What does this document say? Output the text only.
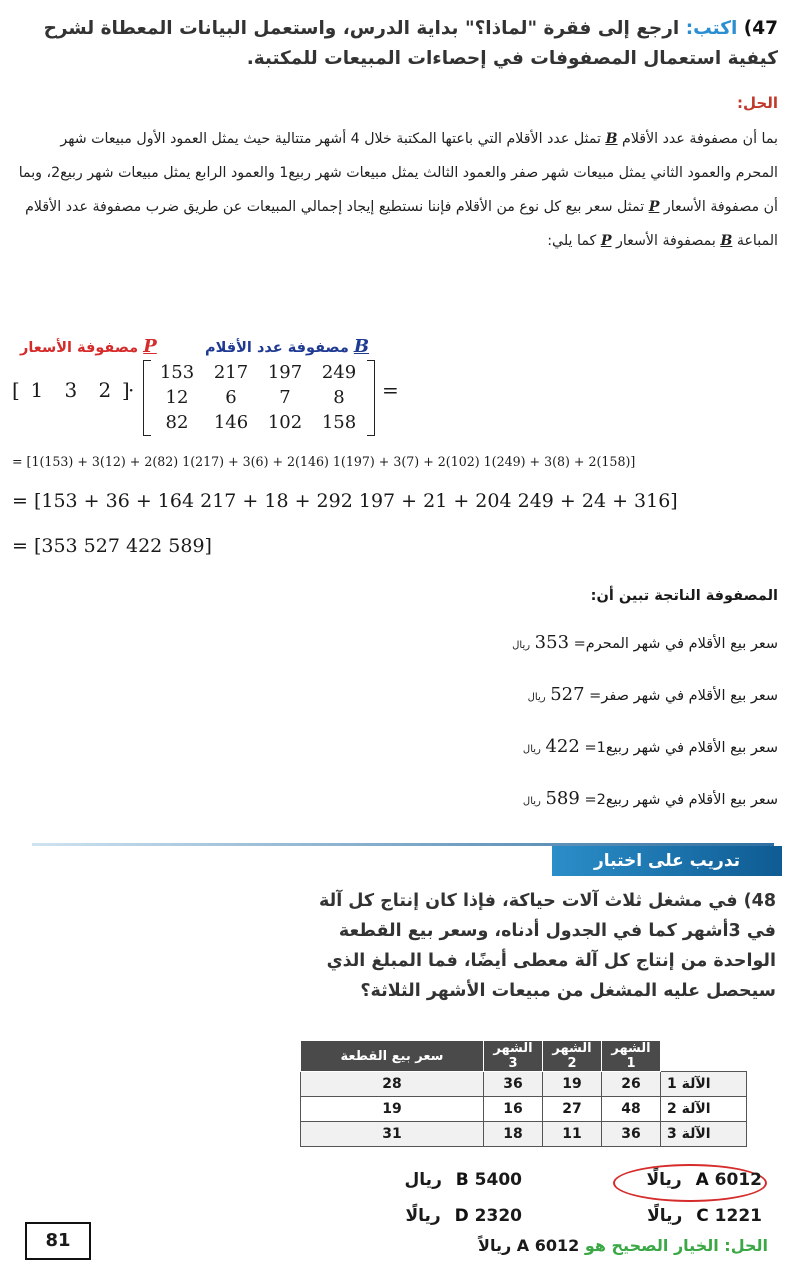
47) اكتب: ارجع إلى فقرة "لماذا؟" بداية الدرس، واستعمل البيانات المعطاة لشرح كيفية استعمال المصفوفات في إحصاءات المبيعات للمكتبة.
الحل:
بما أن مصفوفة عدد الأقلام B تمثل عدد الأقلام التي باعتها المكتبة خلال 4 أشهر متتالية حيث يمثل العمود الأول مبيعات شهر المحرم والعمود الثاني يمثل مبيعات شهر صفر والعمود الثالث يمثل مبيعات شهر ربيع1 والعمود الرابع يمثل مبيعات شهر ربيع2، وبما أن مصفوفة الأسعار P تمثل سعر بيع كل نوع من الأقلام فإننا نستطيع إيجاد إجمالي المبيعات عن طريق ضرب مصفوفة عدد الأقلام المباعة B بمصفوفة الأسعار P كما يلي:
P مصفوفة الأسعار	B مصفوفة عدد الأقلام
[ 1 3 2 ]
·
153	217	197	249
12	6	7	8
82	146	102	158
=
= [1(153) + 3(12) + 2(82) 1(217) + 3(6) + 2(146) 1(197) + 3(7) + 2(102) 1(249) + 3(8) + 2(158)]
= [153 + 36 + 164 217 + 18 + 292 197 + 21 + 204 249 + 24 + 316]
= [353 527 422 589]
المصفوفة الناتجة تبين أن:
سعر بيع الأقلام في شهر المحرم= 353 ريال
سعر بيع الأقلام في شهر صفر= 527 ريال
سعر بيع الأقلام في شهر ربيع1= 422 ريال
سعر بيع الأقلام في شهر ربيع2= 589 ريال
تدريب على اختبار
48) في مشغل ثلاث آلات حياكة، فإذا كان إنتاج كل آلة في 3أشهر كما في الجدول أدناه، وسعر بيع القطعة الواحدة من إنتاج كل آلة معطى أيضًا، فما المبلغ الذي سيحصل عليه المشغل من مبيعات الأشهر الثلاثة؟
	الشهر 1	الشهر 2	الشهر 3	سعر بيع القطعة
الآلة 1	26	19	36	28
الآلة 2	48	27	16	19
الآلة 3	36	11	18	31
A 6012 ريالًا
B 5400 ريال
C 1221 ريالًا
D 2320 ريالًا
81	الحل: الخيار الصحيح هو A 6012 ريالاً
